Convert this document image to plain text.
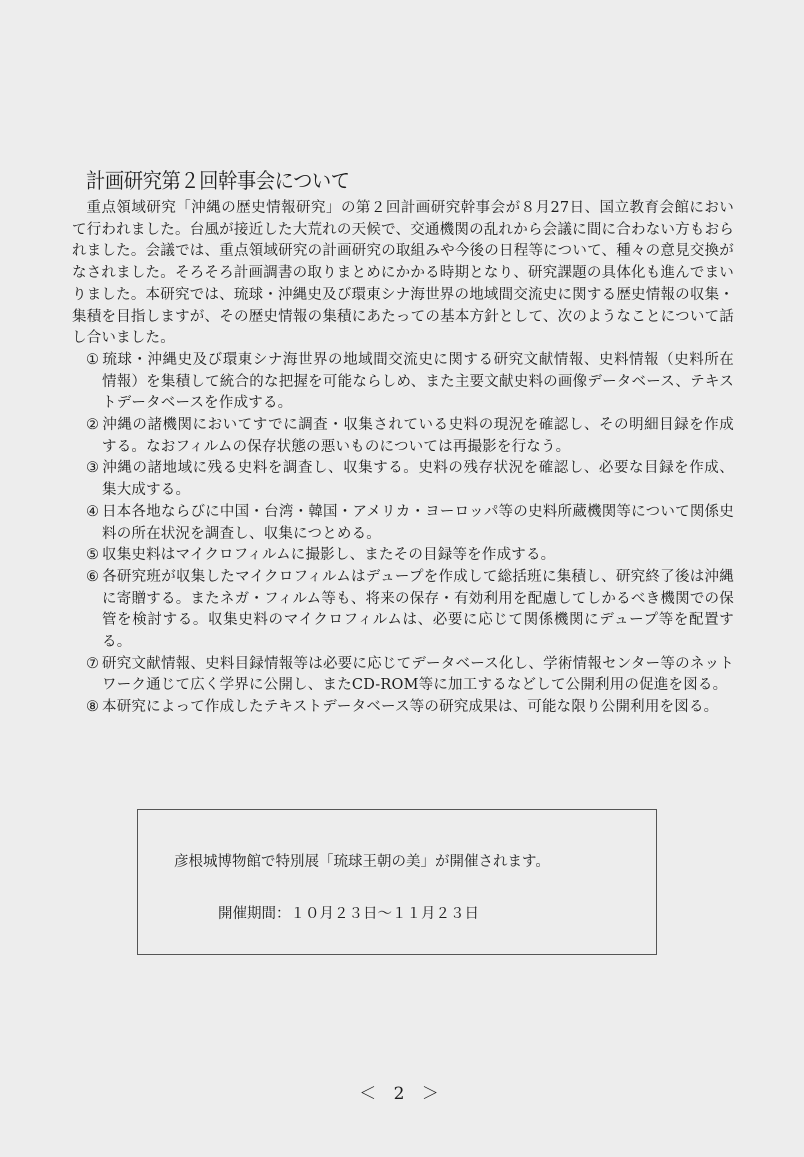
計画研究第２回幹事会について

重点領域研究「沖縄の歴史情報研究」の第２回計画研究幹事会が８月27日、国立教育会館において行われました。台風が接近した大荒れの天候で、交通機関の乱れから会議に間に合わない方もおられました。会議では、重点領域研究の計画研究の取組みや今後の日程等について、種々の意見交換がなされました。そろそろ計画調書の取りまとめにかかる時期となり、研究課題の具体化も進んでまいりました。本研究では、琉球・沖縄史及び環東シナ海世界の地域間交流史に関する歴史情報の収集・集積を目指しますが、その歴史情報の集積にあたっての基本方針として、次のようなことについて話し合いました。

① 琉球・沖縄史及び環東シナ海世界の地域間交流史に関する研究文献情報、史料情報（史料所在情報）を集積して統合的な把握を可能ならしめ、また主要文献史料の画像データベース、テキストデータベースを作成する。
② 沖縄の諸機関においてすでに調査・収集されている史料の現況を確認し、その明細目録を作成する。なおフィルムの保存状態の悪いものについては再撮影を行なう。
③ 沖縄の諸地域に残る史料を調査し、収集する。史料の残存状況を確認し、必要な目録を作成、集大成する。
④ 日本各地ならびに中国・台湾・韓国・アメリカ・ヨーロッパ等の史料所蔵機関等について関係史料の所在状況を調査し、収集につとめる。
⑤ 収集史料はマイクロフィルムに撮影し、またその目録等を作成する。
⑥ 各研究班が収集したマイクロフィルムはデュープを作成して総括班に集積し、研究終了後は沖縄に寄贈する。またネガ・フィルム等も、将来の保存・有効利用を配慮してしかるべき機関での保管を検討する。収集史料のマイクロフィルムは、必要に応じて関係機関にデュープ等を配置する。
⑦ 研究文献情報、史料目録情報等は必要に応じてデータベース化し、学術情報センター等のネットワーク通じて広く学界に公開し、またCD-ROM等に加工するなどして公開利用の促進を図る。
⑧ 本研究によって作成したテキストデータベース等の研究成果は、可能な限り公開利用を図る。
彦根城博物館で特別展「琉球王朝の美」が開催されます。
開催期間：１０月２３日～１１月２３日
＜ 2 ＞
